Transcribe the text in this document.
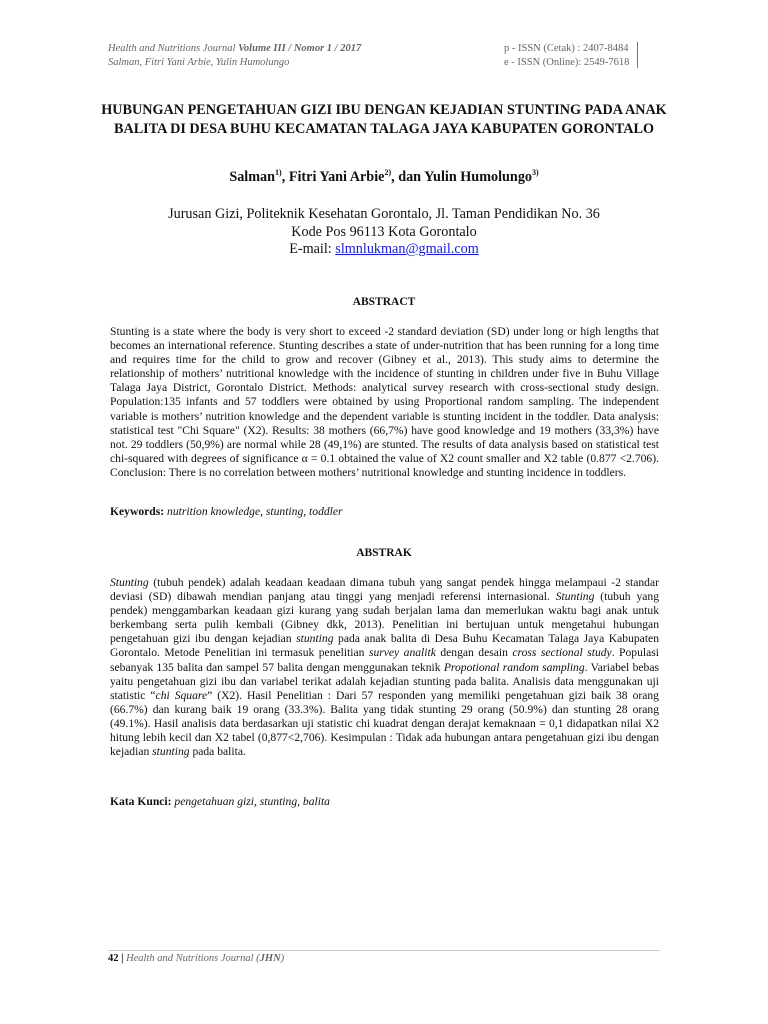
Health and Nutritions Journal Volume III / Nomor 1 / 2017
Salman, Fitri Yani Arbie, Yulin Humolungo
p - ISSN (Cetak) : 2407-8484
e - ISSN (Online): 2549-7618
HUBUNGAN PENGETAHUAN GIZI IBU DENGAN KEJADIAN STUNTING PADA ANAK BALITA DI DESA BUHU KECAMATAN TALAGA JAYA KABUPATEN GORONTALO
Salman$^{1)}$, Fitri Yani Arbie$^{2)}$, dan Yulin Humolungo$^{3)}$
Jurusan Gizi, Politeknik Kesehatan Gorontalo, Jl. Taman Pendidikan No. 36
Kode Pos 96113 Kota Gorontalo
E-mail: slmnlukman@gmail.com
ABSTRACT
Stunting is a state where the body is very short to exceed -2 standard deviation (SD) under long or high lengths that becomes an international reference. Stunting describes a state of under-nutrition that has been running for a long time and requires time for the child to grow and recover (Gibney et al., 2013). This study aims to determine the relationship of mothers’ nutritional knowledge with the incidence of stunting in children under five in Buhu Village Talaga Jaya District, Gorontalo District. Methods: analytical survey research with cross-sectional study design. Population:135 infants and 57 toddlers were obtained by using Proportional random sampling. The independent variable is mothers’ nutrition knowledge and the dependent variable is stunting incident in the toddler. Data analysis: statistical test "Chi Square" (X2). Results: 38 mothers (66,7%) have good knowledge and 19 mothers (33,3%) have not. 29 toddlers (50,9%) are normal while 28 (49,1%) are stunted. The results of data analysis based on statistical test chi-squared with degrees of significance α = 0.1 obtained the value of X2 count smaller and X2 table (0.877 <2.706). Conclusion: There is no correlation between mothers’ nutritional knowledge and stunting incidence in toddlers.
Keywords: nutrition knowledge, stunting, toddler
ABSTRAK
Stunting (tubuh pendek) adalah keadaan keadaan dimana tubuh yang sangat pendek hingga melampaui -2 standar deviasi (SD) dibawah mendian panjang atau tinggi yang menjadi referensi internasional. Stunting (tubuh yang pendek) menggambarkan keadaan gizi kurang yang sudah berjalan lama dan memerlukan waktu bagi anak untuk berkembang serta pulih kembali (Gibney dkk, 2013). Penelitian ini bertujuan untuk mengetahui hubungan pengetahuan gizi ibu dengan kejadian stunting pada anak balita di Desa Buhu Kecamatan Talaga Jaya Kabupaten Gorontalo. Metode Penelitian ini termasuk penelitian survey analitk dengan desain cross sectional study. Populasi sebanyak 135 balita dan sampel 57 balita dengan menggunakan teknik Propotional random sampling. Variabel bebas yaitu pengetahuan gizi ibu dan variabel terikat adalah kejadian stunting pada balita. Analisis data menggunakan uji statistic “chi Square” (X2). Hasil Penelitian : Dari 57 responden yang memiliki pengetahuan gizi baik 38 orang (66.7%) dan kurang baik 19 orang (33.3%). Balita yang tidak stunting 29 orang (50.9%) dan stunting 28 orang (49.1%). Hasil analisis data berdasarkan uji statistic chi kuadrat dengan derajat kemaknaan = 0,1 didapatkan nilai X2 hitung lebih kecil dan X2 tabel (0,877<2,706). Kesimpulan : Tidak ada hubungan antara pengetahuan gizi ibu dengan kejadian stunting pada balita.
Kata Kunci: pengetahuan gizi, stunting, balita
42 | Health and Nutritions Journal (JHN)
